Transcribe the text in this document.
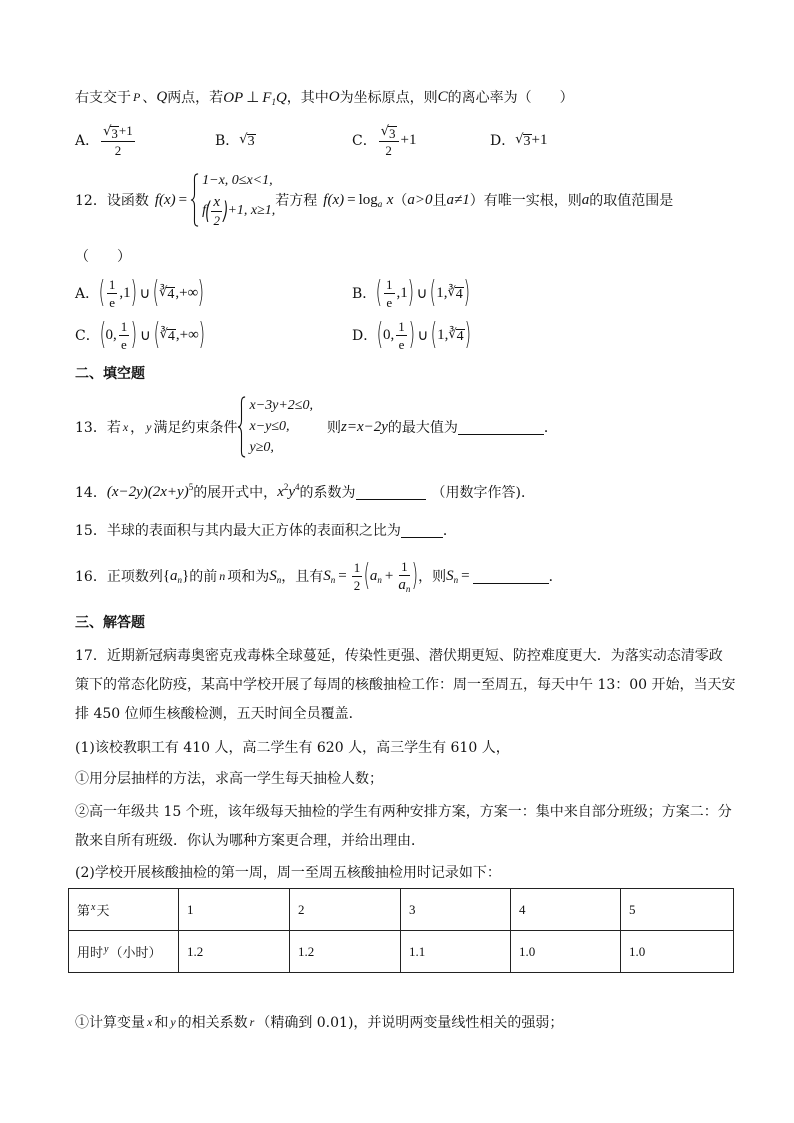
右支交于 P 、 Q 两点，若 OP ⊥ $F_1Q$ ，其中 O 为坐标原点，则 C 的离心率为（　　）
A． $\frac{√ 3 +1}{2}$	B． √ 3	C． $\frac{√ 3}{2} +1$	D． √ 3 +1
12．设函数 f(x) =
1−x, 0≤x<1,
f ( $\frac{x}{2}$ ) +1, x≥1,
若方程 $f(x) = \log_a x$ （ a>0 且 a≠1 ）有唯一实根，则 a 的取值范围是
（　　）
A． ( $\frac{1}{e} ,1$ ) ∪ ( ∛ 4 ,+∞ )	B． ( $\frac{1}{e} ,1$ ) ∪ ( 1, ∛ 4 )
C． ( 0, $\frac{1}{e}$ ) ∪ ( ∛ 4 ,+∞ )	D． ( 0, $\frac{1}{e}$ ) ∪ ( 1, ∛ 4 )
二、填空题
13．若 x ， y 满足约束条件
x−3y+2≤0,
x−y≤0,
y≥0,
则 z=x−2y 的最大值为	．
14． $(x-2y)(2x+y)^5$ 的展开式中， $x^2y^4$ 的系数为	（用数字作答)．
15．半球的表面积与其内最大正方体的表面积之比为	．
16．正项数列 $\{a_n\}$ 的前 n 项和为 $S_n$ ，且有 $S_n = \frac{1}{2}$ ( $a_n + \frac{1}{a_n}$ ) ，则 $S_n$ =	．
三、解答题
17．近期新冠病毒奥密克戎毒株全球蔓延，传染性更强、潜伏期更短、防控难度更大．为落实动态清零政
策下的常态化防疫，某高中学校开展了每周的核酸抽检工作：周一至周五，每天中午 13：00 开始，当天安
排 450 位师生核酸检测，五天时间全员覆盖．
(1)该校教职工有 410 人，高二学生有 620 人，高三学生有 610 人，
①用分层抽样的方法，求高一学生每天抽检人数；
②高一年级共 15 个班，该年级每天抽检的学生有两种安排方案，方案一：集中来自部分班级；方案二：分
散来自所有班级．你认为哪种方案更合理，并给出理由．
(2)学校开展核酸抽检的第一周，周一至周五核酸抽检用时记录如下：
第$^x$天	1	2	3	4	5
用时$^y$（小时）	1.2	1.2	1.1	1.0	1.0
①计算变量 x 和 y 的相关系数 r （精确到 0.01)，并说明两变量线性相关的强弱；
